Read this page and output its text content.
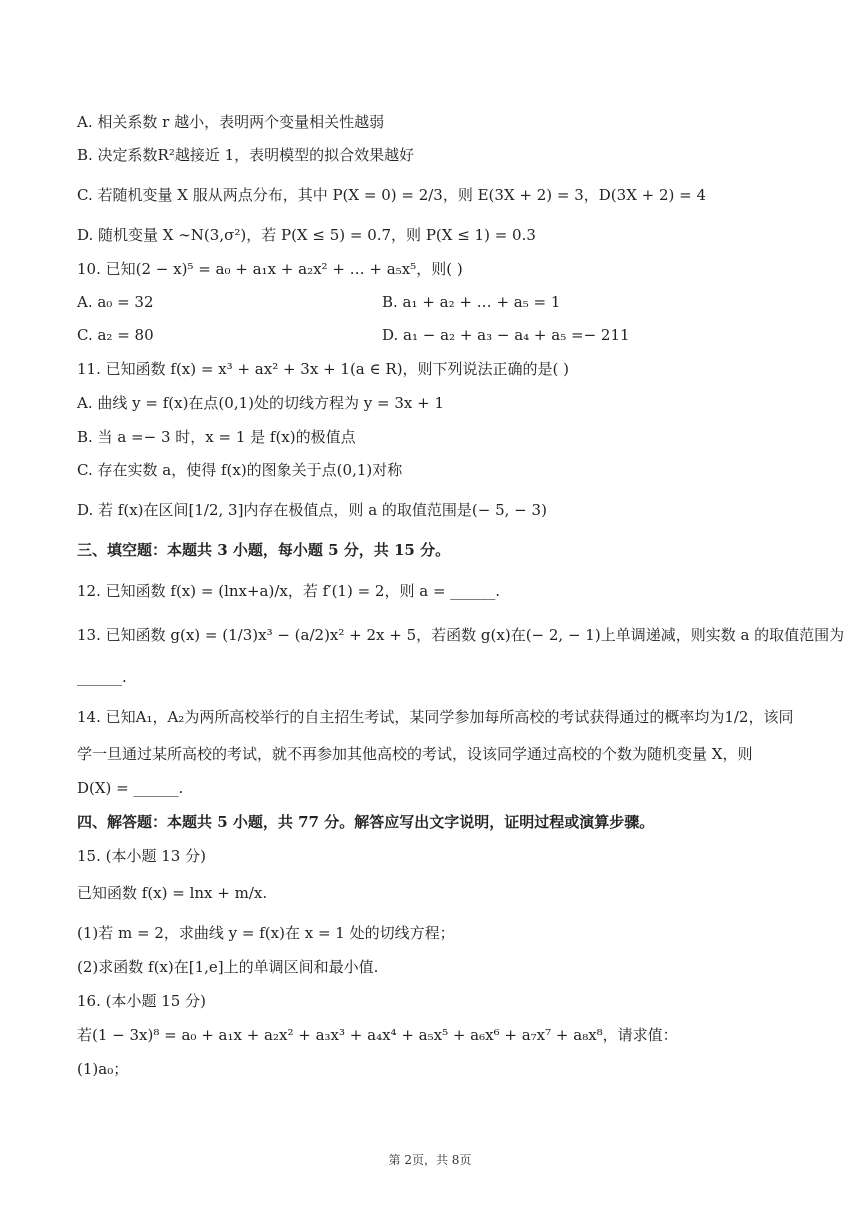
A. 相关系数 r 越小，表明两个变量相关性越弱
B. 决定系数R²越接近 1，表明模型的拟合效果越好
C. 若随机变量 X 服从两点分布，其中 P(X = 0) = 2/3，则 E(3X + 2) = 3，D(3X + 2) = 4
D. 随机变量 X ∼N(3,σ²)，若 P(X ≤ 5) = 0.7，则 P(X ≤ 1) = 0.3
10. 已知(2 − x)⁵ = a₀ + a₁x + a₂x² + … + a₅x⁵，则( )
A. a₀ = 32	B. a₁ + a₂ + … + a₅ = 1
C. a₂ = 80	D. a₁ − a₂ + a₃ − a₄ + a₅ =− 211
11. 已知函数 f(x) = x³ + ax² + 3x + 1(a ∈ R)，则下列说法正确的是( )
A. 曲线 y = f(x)在点(0,1)处的切线方程为 y = 3x + 1
B. 当 a =− 3 时，x = 1 是 f(x)的极值点
C. 存在实数 a，使得 f(x)的图象关于点(0,1)对称
D. 若 f(x)在区间[1/2, 3]内存在极值点，则 a 的取值范围是(− 5, − 3)
三、填空题：本题共 3 小题，每小题 5 分，共 15 分。
12. 已知函数 f(x) = (lnx+a)/x，若 f′(1) = 2，则 a = ______.
13. 已知函数 g(x) = (1/3)x³ − (a/2)x² + 2x + 5，若函数 g(x)在(− 2, − 1)上单调递减，则实数 a 的取值范围为
______.
14. 已知A₁，A₂为两所高校举行的自主招生考试，某同学参加每所高校的考试获得通过的概率均为1/2，该同
学一旦通过某所高校的考试，就不再参加其他高校的考试，设该同学通过高校的个数为随机变量 X，则
D(X) = ______.
四、解答题：本题共 5 小题，共 77 分。解答应写出文字说明，证明过程或演算步骤。
15. (本小题 13 分)
已知函数 f(x) = lnx + m/x.
(1)若 m = 2，求曲线 y = f(x)在 x = 1 处的切线方程；
(2)求函数 f(x)在[1,e]上的单调区间和最小值.
16. (本小题 15 分)
若(1 − 3x)⁸ = a₀ + a₁x + a₂x² + a₃x³ + a₄x⁴ + a₅x⁵ + a₆x⁶ + a₇x⁷ + a₈x⁸，请求值：
(1)a₀；
第 2页，共 8页
